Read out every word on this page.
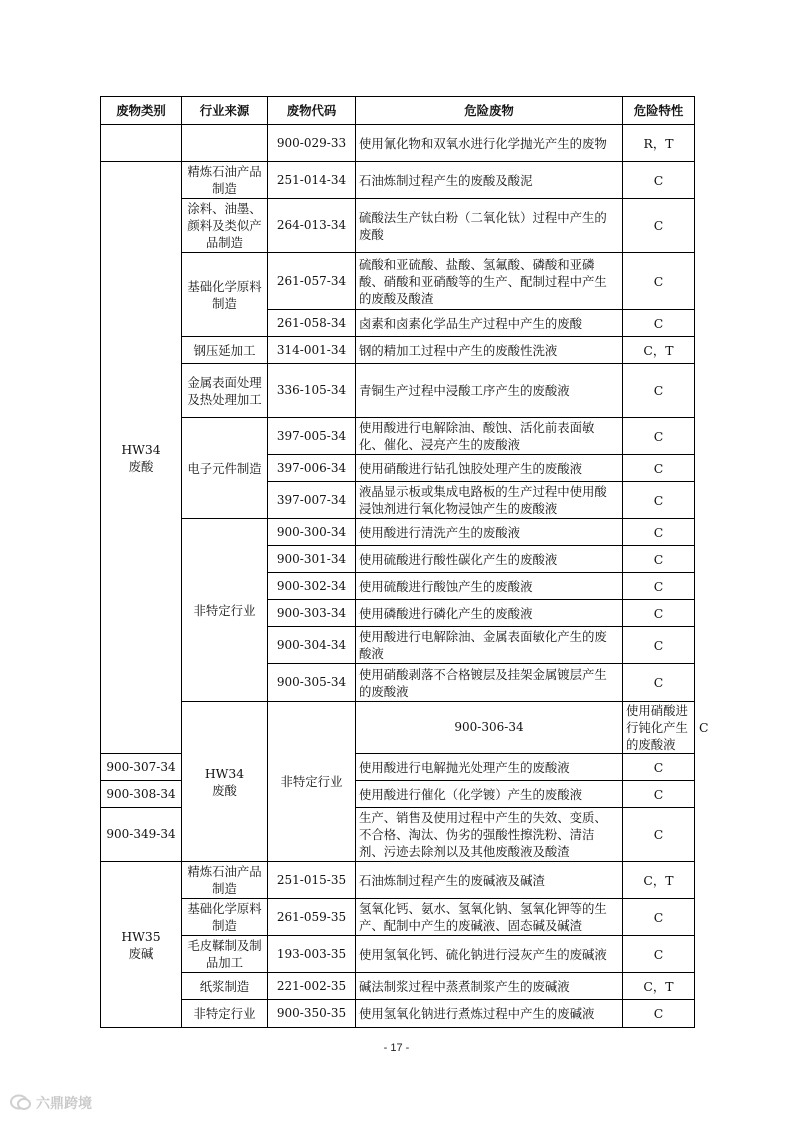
废物类别	行业来源	废物代码	危险废物	危险特性	
		900-029-33	使用氰化物和双氧水进行化学抛光产生的废物	R，T	
HW34
废酸	精炼石油产品制造	251-014-34	石油炼制过程产生的废酸及酸泥	C	
	涂料、油墨、颜料及类似产品制造	264-013-34	硫酸法生产钛白粉（二氧化钛）过程中产生的废酸	C	
	基础化学原料制造	261-057-34	硫酸和亚硫酸、盐酸、氢氟酸、磷酸和亚磷酸、硝酸和亚硝酸等的生产、配制过程中产生的废酸及酸渣	C	
		261-058-34	卤素和卤素化学品生产过程中产生的废酸	C	
	钢压延加工	314-001-34	钢的精加工过程中产生的废酸性洗液	C，T	
	金属表面处理及热处理加工	336-105-34	青铜生产过程中浸酸工序产生的废酸液	C	
	电子元件制造	397-005-34	使用酸进行电解除油、酸蚀、活化前表面敏化、催化、浸亮产生的废酸液	C	
		397-006-34	使用硝酸进行钻孔蚀胶处理产生的废酸液	C	
		397-007-34	液晶显示板或集成电路板的生产过程中使用酸浸蚀剂进行氧化物浸蚀产生的废酸液	C	
	非特定行业	900-300-34	使用酸进行清洗产生的废酸液	C	
		900-301-34	使用硫酸进行酸性碳化产生的废酸液	C	
		900-302-34	使用硫酸进行酸蚀产生的废酸液	C	
		900-303-34	使用磷酸进行磷化产生的废酸液	C	
		900-304-34	使用酸进行电解除油、金属表面敏化产生的废酸液	C	
		900-305-34	使用硝酸剥落不合格镀层及挂架金属镀层产生的废酸液	C	
	HW34
废酸	非特定行业	900-306-34	使用硝酸进行钝化产生的废酸液	C
900-307-34			使用酸进行电解抛光处理产生的废酸液	C	
900-308-34			使用酸进行催化（化学镀）产生的废酸液	C	
900-349-34			生产、销售及使用过程中产生的失效、变质、不合格、淘汰、伪劣的强酸性擦洗粉、清洁剂、污迹去除剂以及其他废酸液及酸渣	C	
HW35
废碱	精炼石油产品制造	251-015-35	石油炼制过程产生的废碱液及碱渣	C，T	
	基础化学原料制造	261-059-35	氢氧化钙、氨水、氢氧化钠、氢氧化钾等的生产、配制中产生的废碱液、固态碱及碱渣	C	
	毛皮鞣制及制品加工	193-003-35	使用氢氧化钙、硫化钠进行浸灰产生的废碱液	C	
	纸浆制造	221-002-35	碱法制浆过程中蒸煮制浆产生的废碱液	C，T	
	非特定行业	900-350-35	使用氢氧化钠进行煮炼过程中产生的废碱液	C	
- 17 -
六鼎跨境
